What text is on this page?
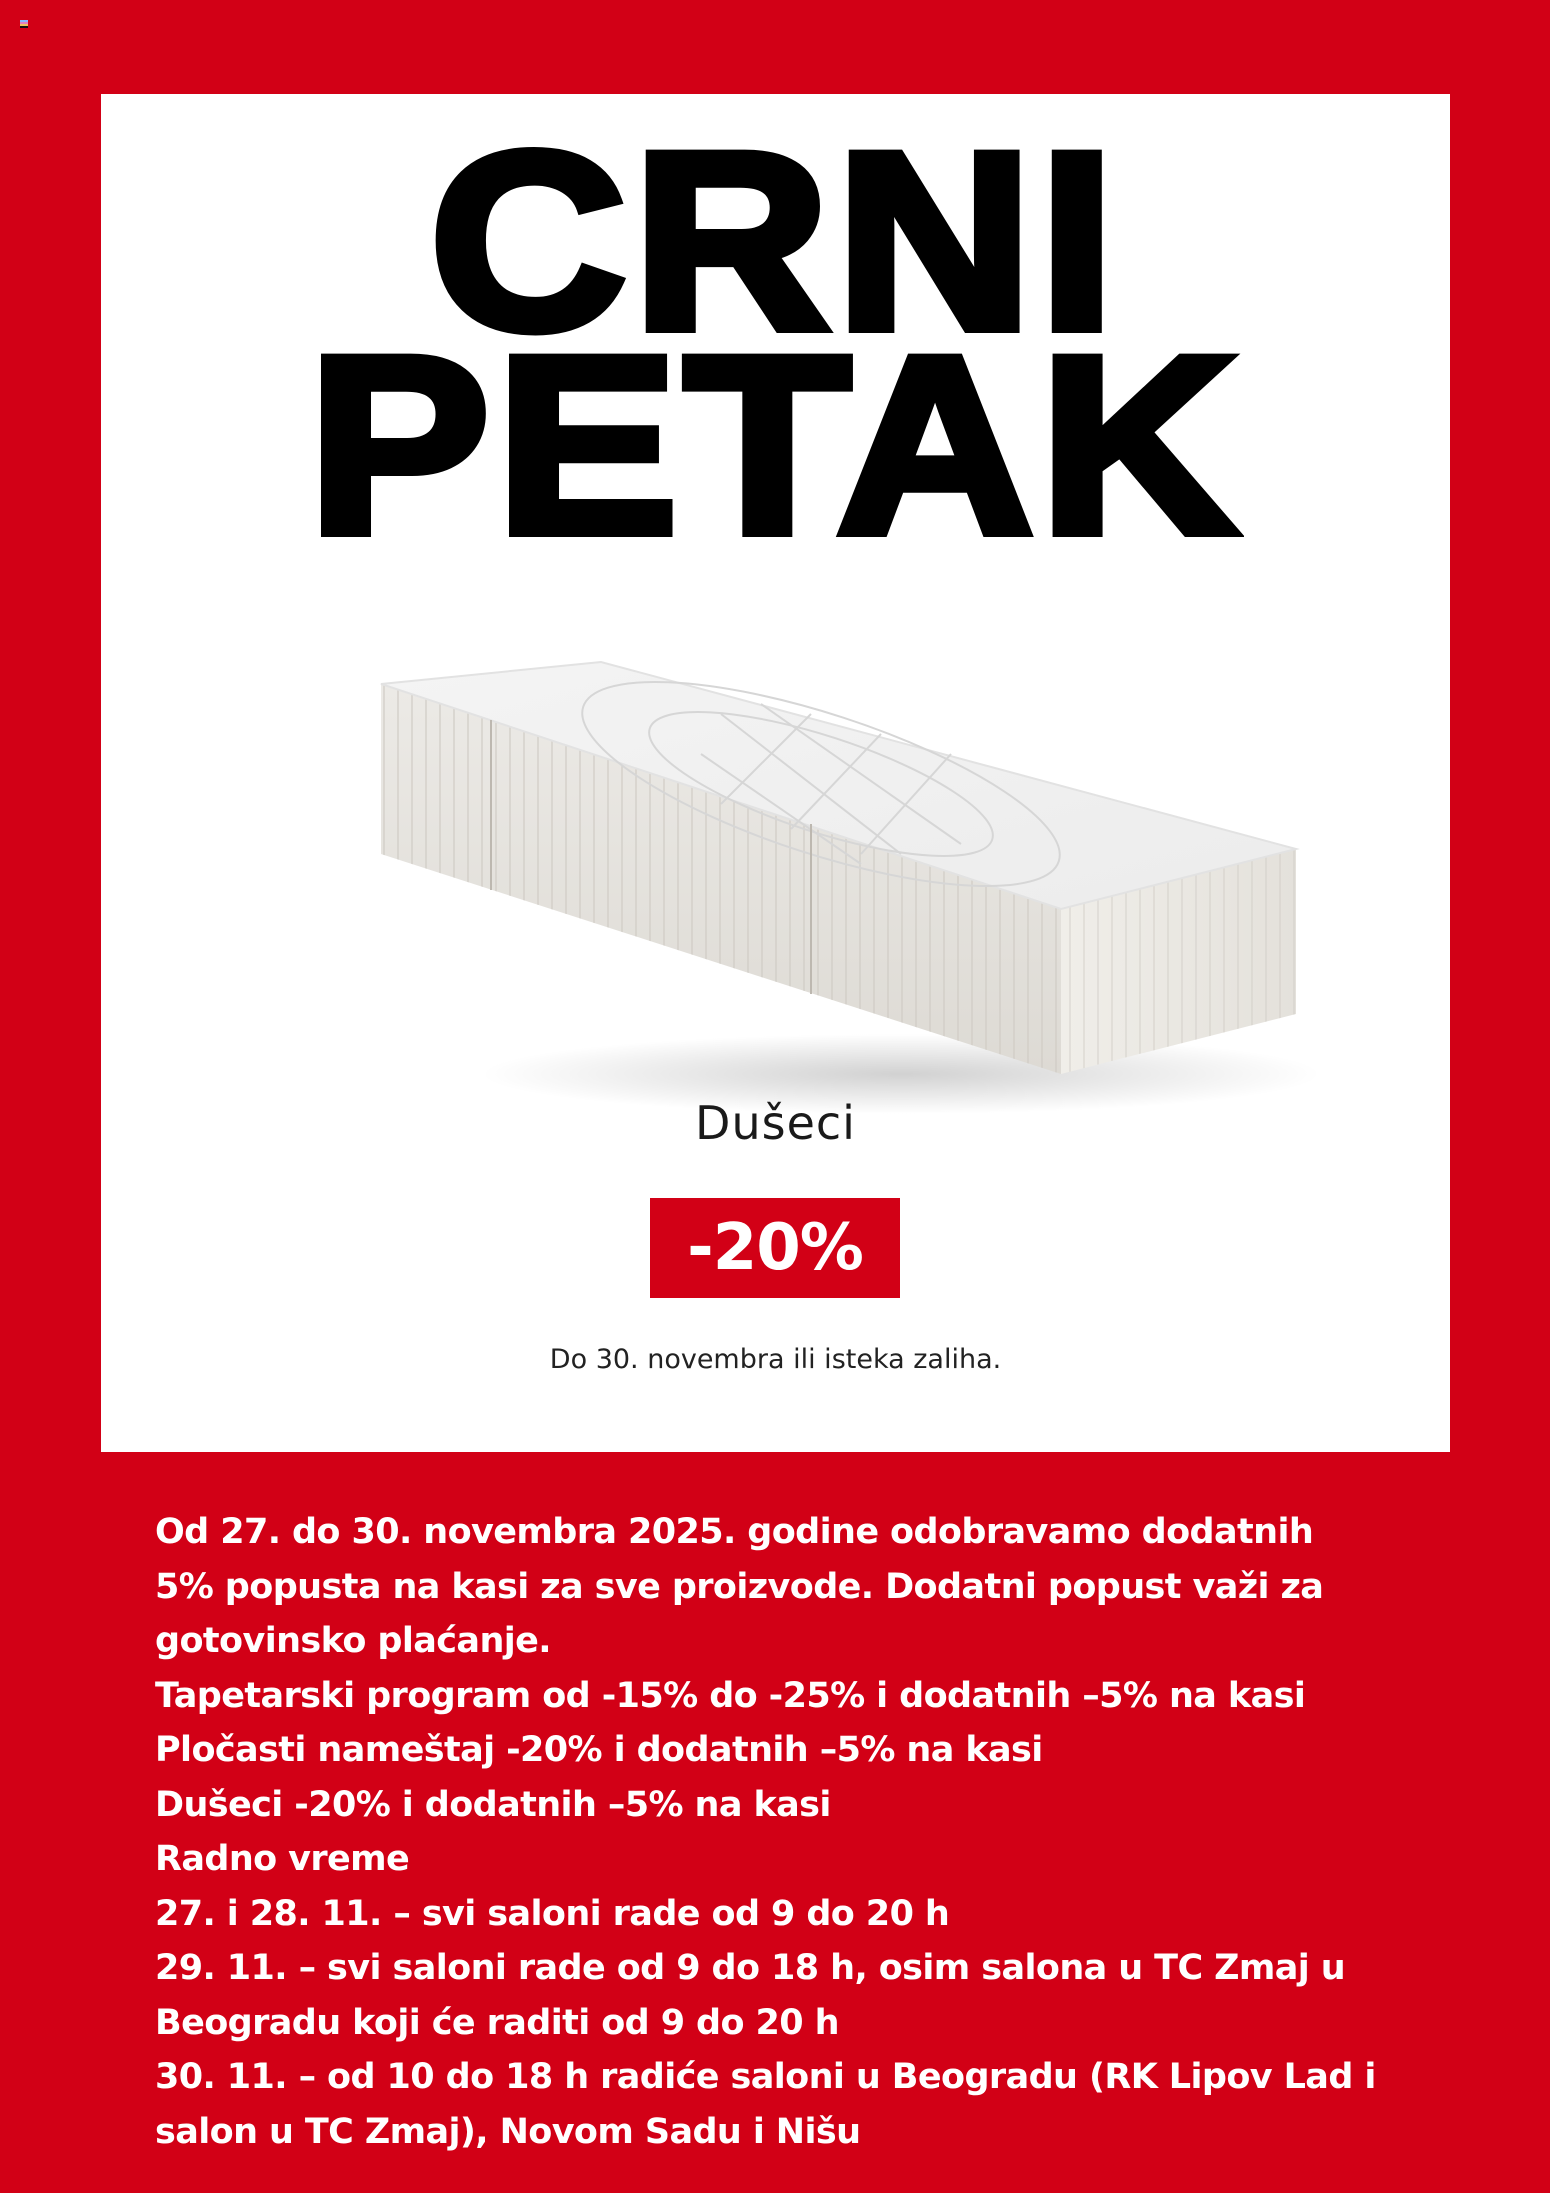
CRNI
PETAK
Dušeci
-20%
Do 30. novembra ili isteka zaliha.

Od 27. do 30. novembra 2025. godine odobravamo dodatnih

5% popusta na kasi za sve proizvode. Dodatni popust važi za

gotovinsko plaćanje.

Tapetarski program od -15% do -25% i dodatnih –5% na kasi

Pločasti nameštaj -20% i dodatnih –5% na kasi

Dušeci -20% i dodatnih –5% na kasi

Radno vreme

27. i 28. 11. – svi saloni rade od 9 do 20 h

29. 11. – svi saloni rade od 9 do 18 h, osim salona u TC Zmaj u

Beogradu koji će raditi od 9 do 20 h

30. 11. – od 10 do 18 h radiće saloni u Beogradu (RK Lipov Lad i

salon u TC Zmaj), Novom Sadu i Nišu
